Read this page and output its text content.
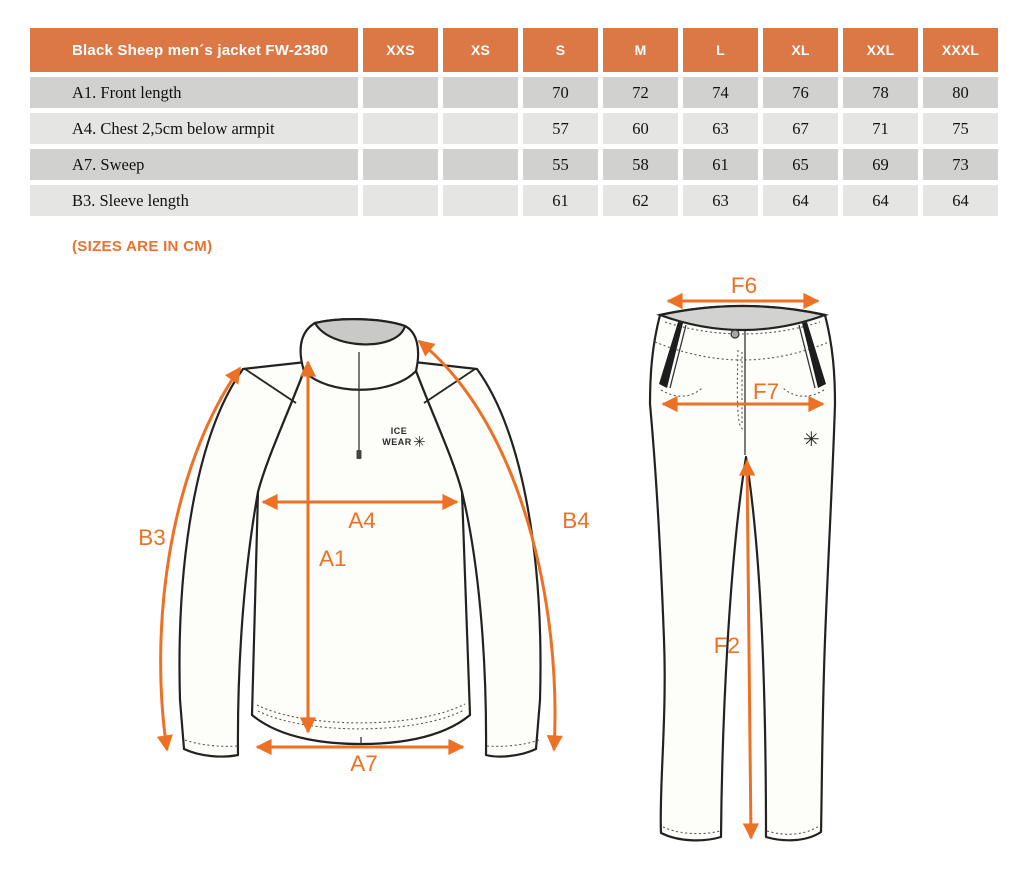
Black Sheep men´s jacket FW-2380	XXS	XS	S	M	L	XL	XXL	XXXL
A1. Front length			70	72	74	76	78	80
A4. Chest 2,5cm below armpit			57	60	63	67	71	75
A7. Sweep			55	58	61	65	69	73
B3. Sleeve length			61	62	63	64	64	64
(SIZES ARE IN CM)
ICE
WEAR ✳
B3
A4
A1
A7
B4
✳
F6
F7
F2
